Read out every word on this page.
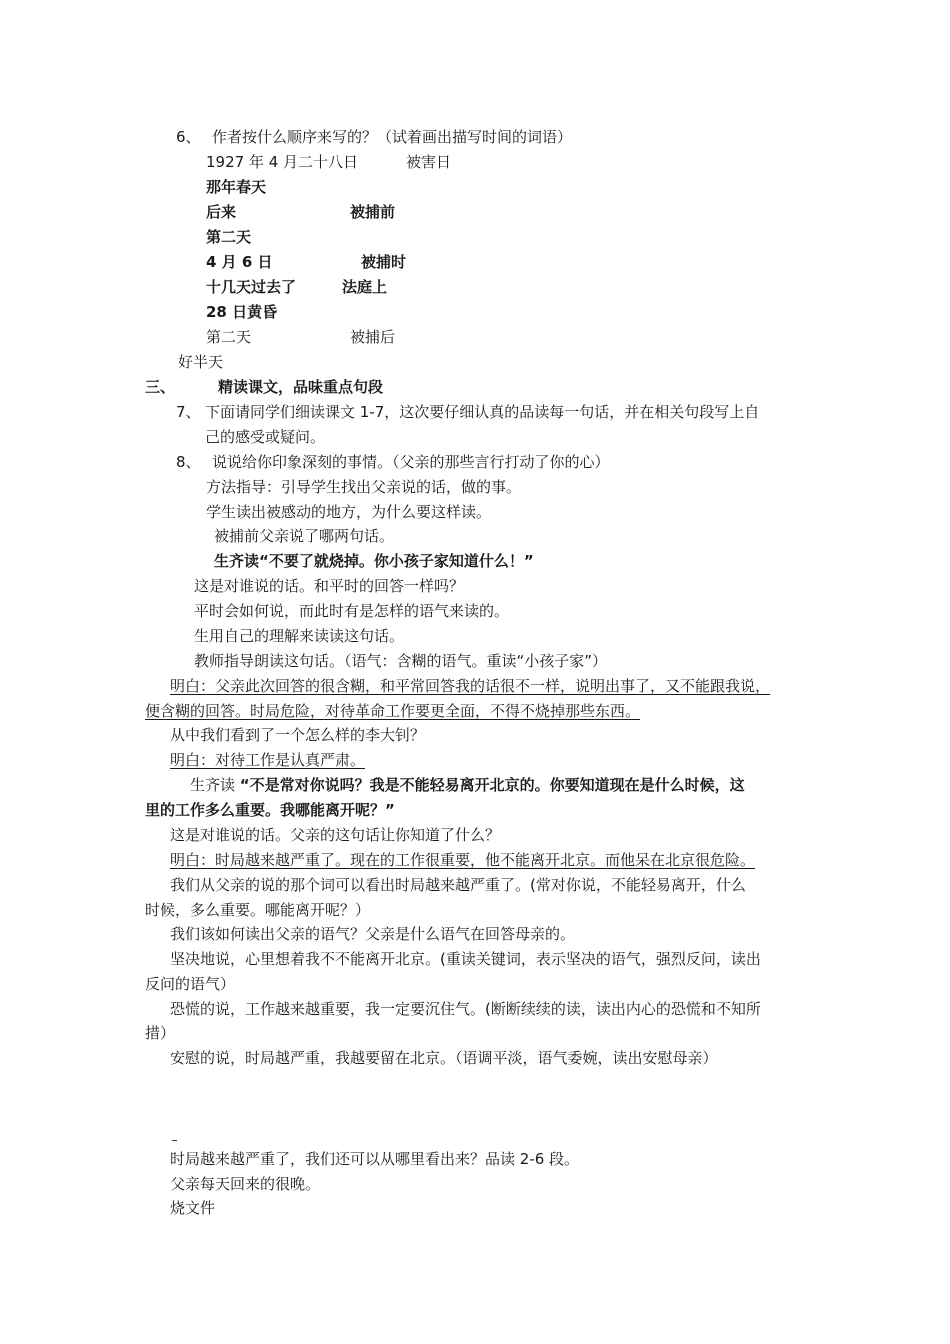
6、 作者按什么顺序来写的？（试着画出描写时间的词语）
1927 年 4 月二十八日	被害日
那年春天
后来	被捕前
第二天
4 月 6 日	被捕时
十几天过去了	法庭上
28 日黄昏
第二天	被捕后
好半天
三、	精读课文，品味重点句段
7、 下面请同学们细读课文 1-7，这次要仔细认真的品读每一句话，并在相关句段写上自
己的感受或疑问。
8、 说说给你印象深刻的事情。（父亲的那些言行打动了你的心）
方法指导：引导学生找出父亲说的话，做的事。
学生读出被感动的地方，为什么要这样读。
被捕前父亲说了哪两句话。
生齐读“不要了就烧掉。你小孩子家知道什么！”
这是对谁说的话。和平时的回答一样吗？
平时会如何说，而此时有是怎样的语气来读的。
生用自己的理解来读读这句话。
教师指导朗读这句话。（语气：含糊的语气。重读“小孩子家”）
明白：父亲此次回答的很含糊，和平常回答我的话很不一样，说明出事了，又不能跟我说，
便含糊的回答。时局危险，对待革命工作要更全面，不得不烧掉那些东西。
从中我们看到了一个怎么样的李大钊？
明白：对待工作是认真严肃。
生齐读 “不是常对你说吗？我是不能轻易离开北京的。你要知道现在是什么时候，这
里的工作多么重要。我哪能离开呢？”
这是对谁说的话。父亲的这句话让你知道了什么？
明白：时局越来越严重了。现在的工作很重要，他不能离开北京。而他呆在北京很危险。
我们从父亲的说的那个词可以看出时局越来越严重了。(常对你说，不能轻易离开，什么
时候，多么重要。哪能离开呢？）
我们该如何读出父亲的语气？父亲是什么语气在回答母亲的。
坚决地说，心里想着我不不能离开北京。(重读关键词，表示坚决的语气，强烈反问，读出
反问的语气）
恐慌的说，工作越来越重要，我一定要沉住气。(断断续续的读，读出内心的恐慌和不知所
措）
安慰的说，时局越严重，我越要留在北京。（语调平淡，语气委婉，读出安慰母亲）
时局越来越严重了，我们还可以从哪里看出来？品读 2-6 段。
父亲每天回来的很晚。
烧文件
